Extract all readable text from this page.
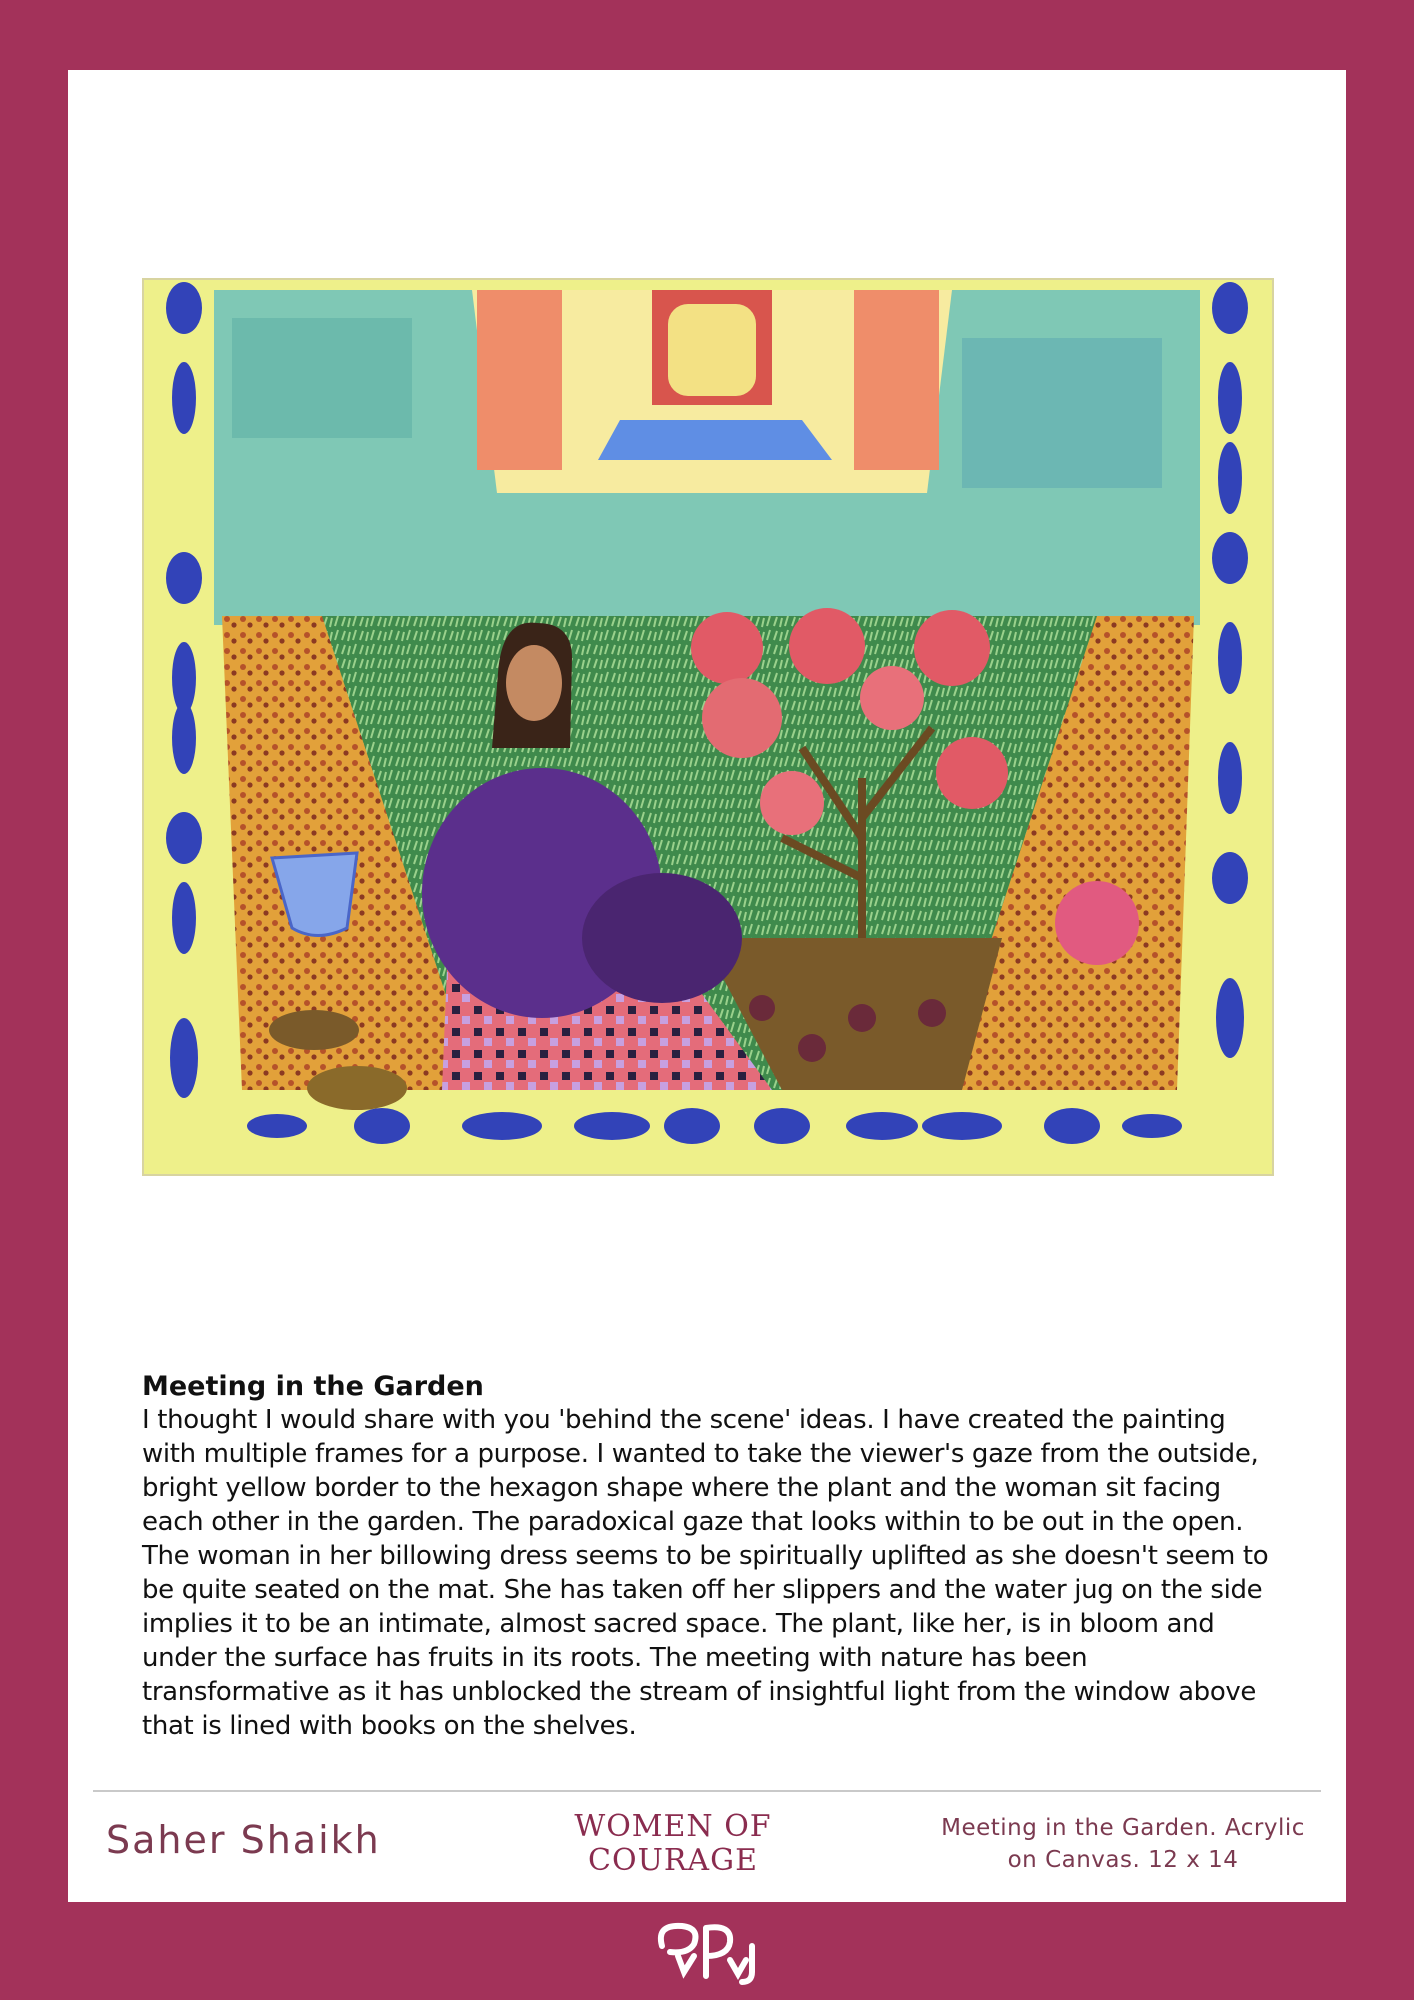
Meeting in the Garden

I thought I would share with you 'behind the scene' ideas. I have created the painting with multiple frames for a purpose. I wanted to take the viewer's gaze from the outside, bright yellow border to the hexagon shape where the plant and the woman sit facing each other in the garden. The paradoxical gaze that looks within to be out in the open. The woman in her billowing dress seems to be spiritually uplifted as she doesn't seem to be quite seated on the mat. She has taken off her slippers and the water jug on the side implies it to be an intimate, almost sacred space. The plant, like her, is in bloom and under the surface has fruits in its roots. The meeting with nature has been transformative as it has unblocked the stream of insightful light from the window above that is lined with books on the shelves.

Saher Shaikh	WOMEN OF
COURAGE
Meeting in the Garden. Acrylic on Canvas. 12 x 14
